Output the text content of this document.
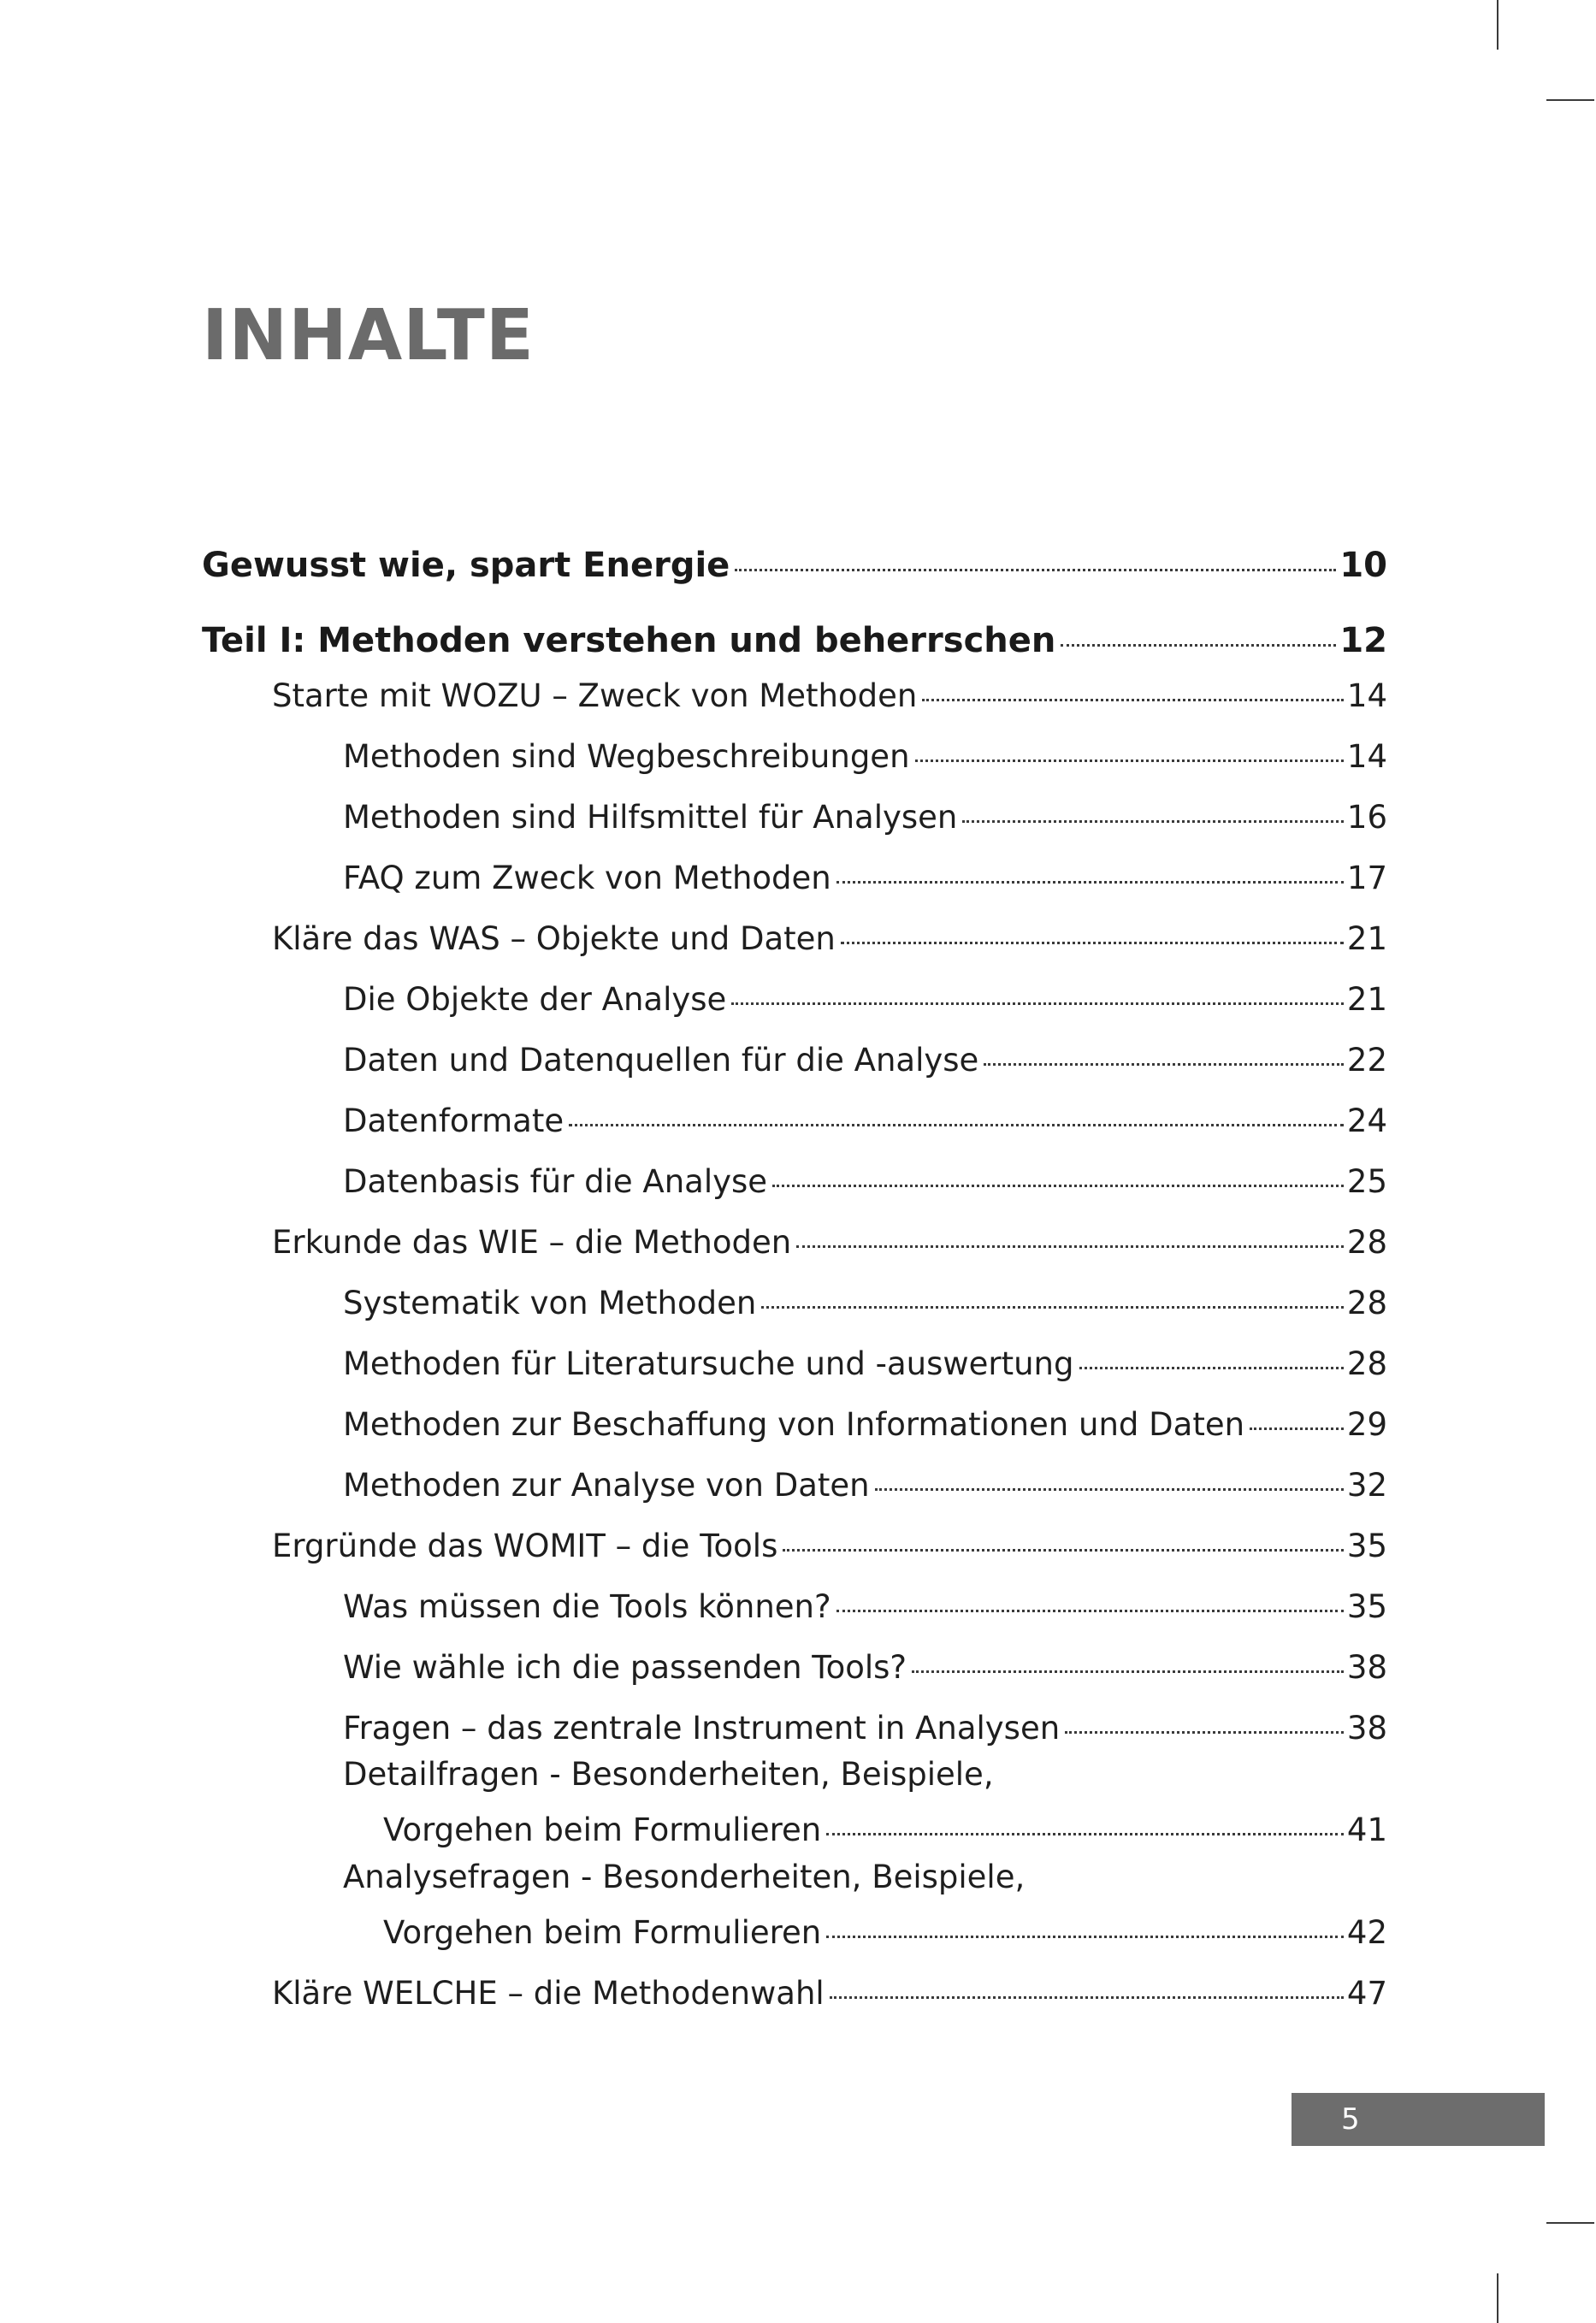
INHALTE
Gewusst wie, spart Energie	10
Teil I: Methoden verstehen und beherrschen	12
Starte mit WOZU – Zweck von Methoden	14
Methoden sind Wegbeschreibungen	14
Methoden sind Hilfsmittel für Analysen	16
FAQ zum Zweck von Methoden	17
Kläre das WAS – Objekte und Daten	21
Die Objekte der Analyse	21
Daten und Datenquellen für die Analyse	22
Datenformate	24
Datenbasis für die Analyse	25
Erkunde das WIE – die Methoden	28
Systematik von Methoden	28
Methoden für Literatursuche und -auswertung	28
Methoden zur Beschaffung von Informationen und Daten	29
Methoden zur Analyse von Daten	32
Ergründe das WOMIT – die Tools	35
Was müssen die Tools können?	35
Wie wähle ich die passenden Tools?	38
Fragen – das zentrale Instrument in Analysen	38
Detailfragen - Besonderheiten, Beispiele,
Vorgehen beim Formulieren	41
Analysefragen - Besonderheiten, Beispiele,
Vorgehen beim Formulieren	42
Kläre WELCHE – die Methodenwahl	47
5
